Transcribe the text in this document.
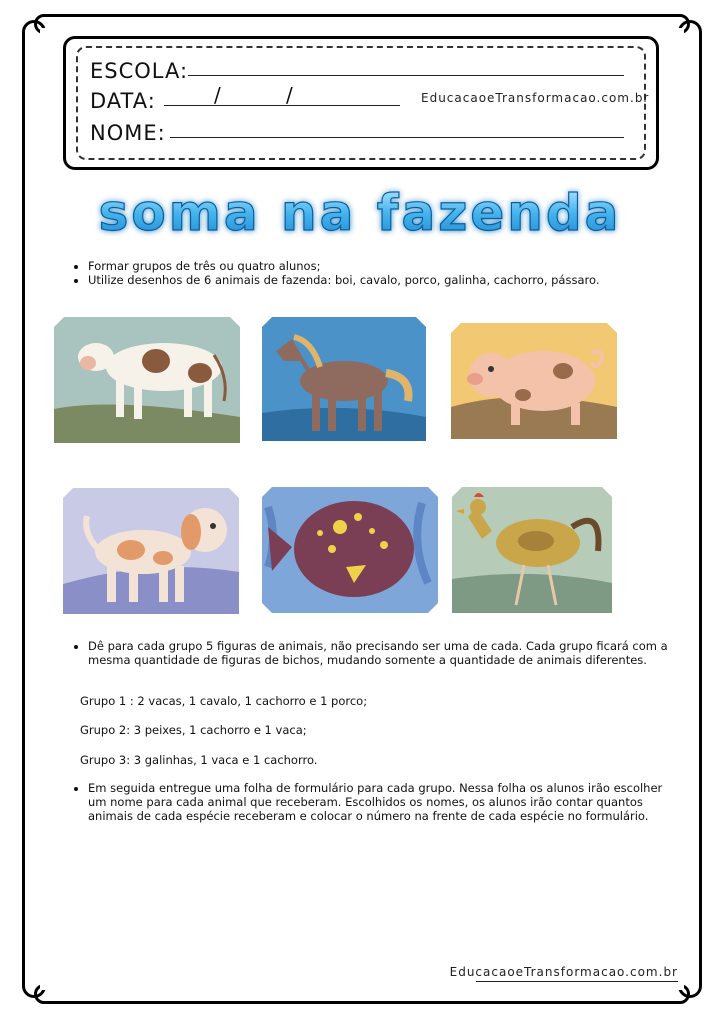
ESCOLA:
DATA:	/	/	EducacaoeTransformacao.com.br
NOME:
soma na fazenda
• Formar grupos de três ou quatro alunos;
• Utilize desenhos de 6 animais de fazenda: boi, cavalo, porco, galinha, cachorro, pássaro.
• Dê para cada grupo 5 figuras de animais, não precisando ser uma de cada. Cada grupo ficará com a mesma quantidade de figuras de bichos, mudando somente a quantidade de animais diferentes.
Grupo 1 : 2 vacas, 1 cavalo, 1 cachorro e 1 porco;
Grupo 2: 3 peixes, 1 cachorro e 1 vaca;
Grupo 3: 3 galinhas, 1 vaca e 1 cachorro.
• Em seguida entregue uma folha de formulário para cada grupo. Nessa folha os alunos irão escolher um nome para cada animal que receberam. Escolhidos os nomes, os alunos irão contar quantos animais de cada espécie receberam e colocar o número na frente de cada espécie no formulário.
EducacaoeTransformacao.com.br
